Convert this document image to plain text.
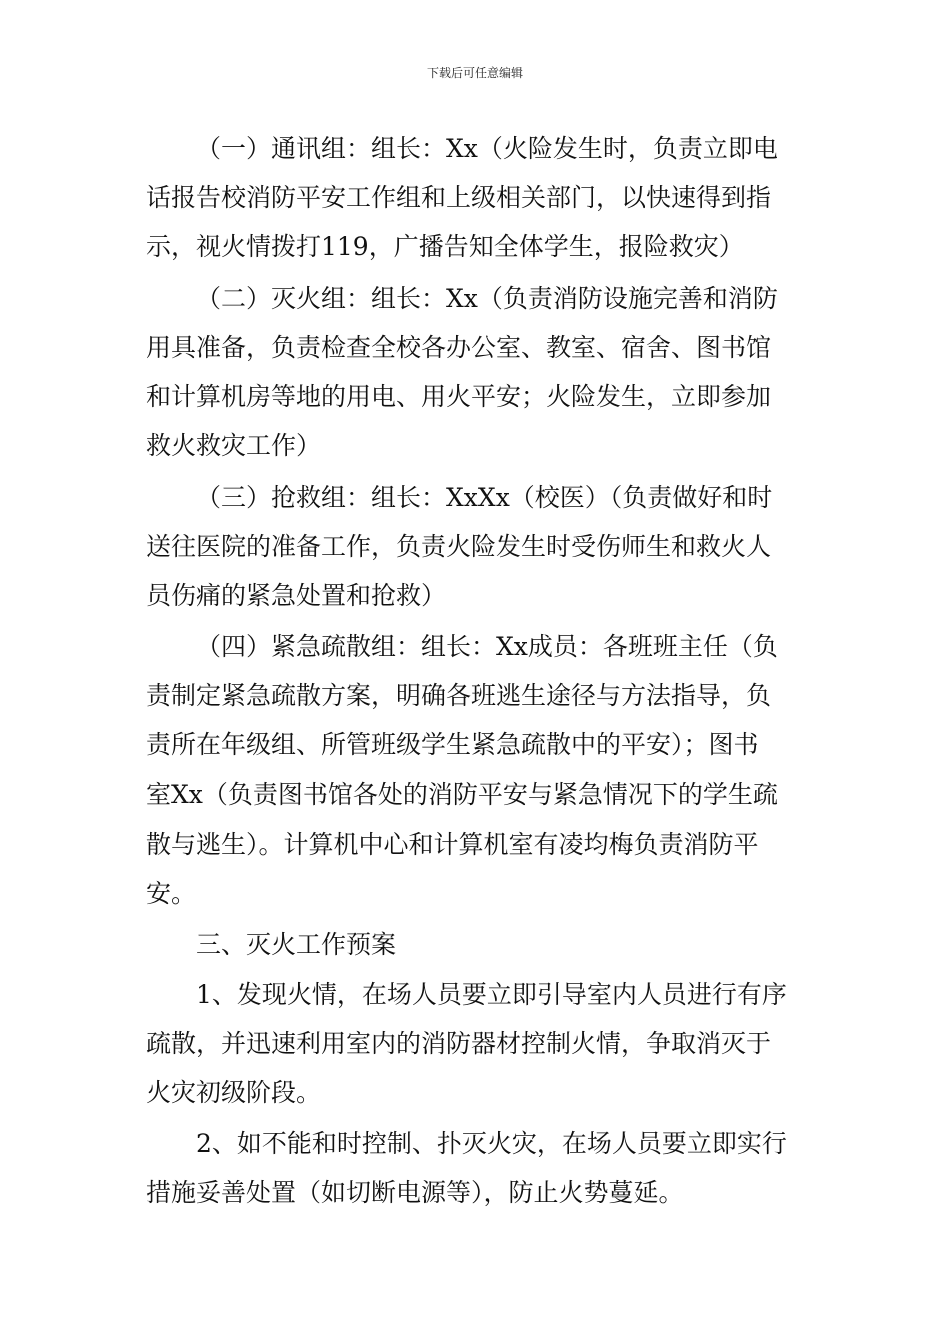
下载后可任意编辑
（一）通讯组：组长：Xx（火险发生时，负责立即电
话报告校消防平安工作组和上级相关部门，以快速得到指
示，视火情拨打119，广播告知全体学生，报险救灾）
（二）灭火组：组长：Xx（负责消防设施完善和消防
用具准备，负责检查全校各办公室、教室、宿舍、图书馆
和计算机房等地的用电、用火平安；火险发生，立即参加
救火救灾工作）
（三）抢救组：组长：XxXx（校医）（负责做好和时
送往医院的准备工作，负责火险发生时受伤师生和救火人
员伤痛的紧急处置和抢救）
（四）紧急疏散组：组长：Xx成员：各班班主任（负
责制定紧急疏散方案，明确各班逃生途径与方法指导，负
责所在年级组、所管班级学生紧急疏散中的平安）；图书
室Xx（负责图书馆各处的消防平安与紧急情况下的学生疏
散与逃生）。计算机中心和计算机室有凌均梅负责消防平
安。
三、灭火工作预案
1、发现火情，在场人员要立即引导室内人员进行有序
疏散，并迅速利用室内的消防器材控制火情，争取消灭于
火灾初级阶段。
2、如不能和时控制、扑灭火灾，在场人员要立即实行
措施妥善处置（如切断电源等），防止火势蔓延。
